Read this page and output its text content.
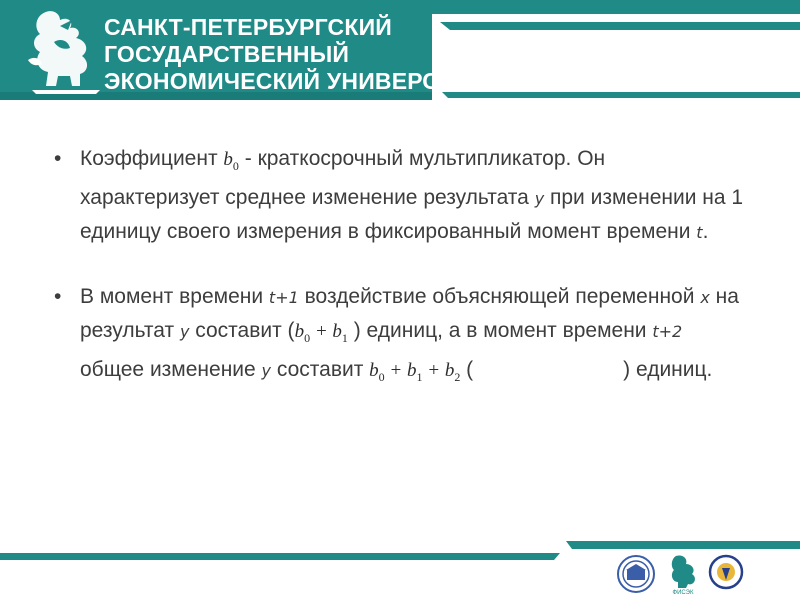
САНКТ-ПЕТЕРБУРГСКИЙ
ГОСУДАРСТВЕННЫЙ
ЭКОНОМИЧЕСКИЙ УНИВЕРСИТЕТ
• Коэффициент $b_0$ - краткосрочный мультипликатор. Он характеризует среднее изменение результата y при изменении на 1 единицу своего измерения в фиксированный момент времени t.
• В момент времени t+1 воздействие объясняющей переменной x на результат y составит ($b_0 + b_1$ ) единиц, а в момент времени t+2 общее изменение y составит $b_0 + b_1 + b_2$ (	) единиц.
ФИСЭК
